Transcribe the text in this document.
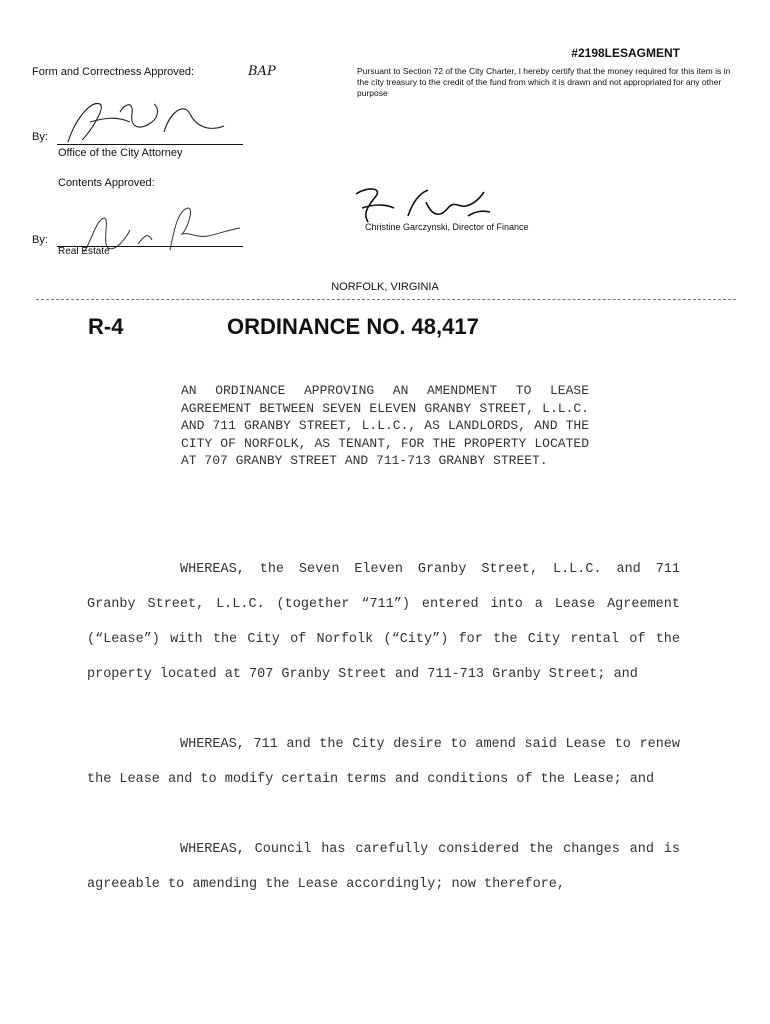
#2198LESAGMENT
Form and Correctness Approved:	BAP	Pursuant to Section 72 of the City Charter, I hereby certify that the money required for this item is in the city treasury to the credit of the fund from which it is drawn and not appropriated for any other purpose
By:
Office of the City Attorney
Contents Approved:
By:
Real Estate
Christine Garczynski, Director of Finance
NORFOLK, VIRGINIA
R-4	ORDINANCE NO. 48,417
AN ORDINANCE APPROVING AN AMENDMENT TO LEASE AGREEMENT BETWEEN SEVEN ELEVEN GRANBY STREET, L.L.C. AND 711 GRANBY STREET, L.L.C., AS LANDLORDS, AND THE CITY OF NORFOLK, AS TENANT, FOR THE PROPERTY LOCATED AT 707 GRANBY STREET AND 711-713 GRANBY STREET.
WHEREAS, the Seven Eleven Granby Street, L.L.C. and 711 Granby Street, L.L.C. (together “711”) entered into a Lease Agreement (“Lease”) with the City of Norfolk (“City”) for the City rental of the property located at 707 Granby Street and 711-713 Granby Street; and
WHEREAS, 711 and the City desire to amend said Lease to renew the Lease and to modify certain terms and conditions of the Lease; and
WHEREAS, Council has carefully considered the changes and is agreeable to amending the Lease accordingly; now therefore,
